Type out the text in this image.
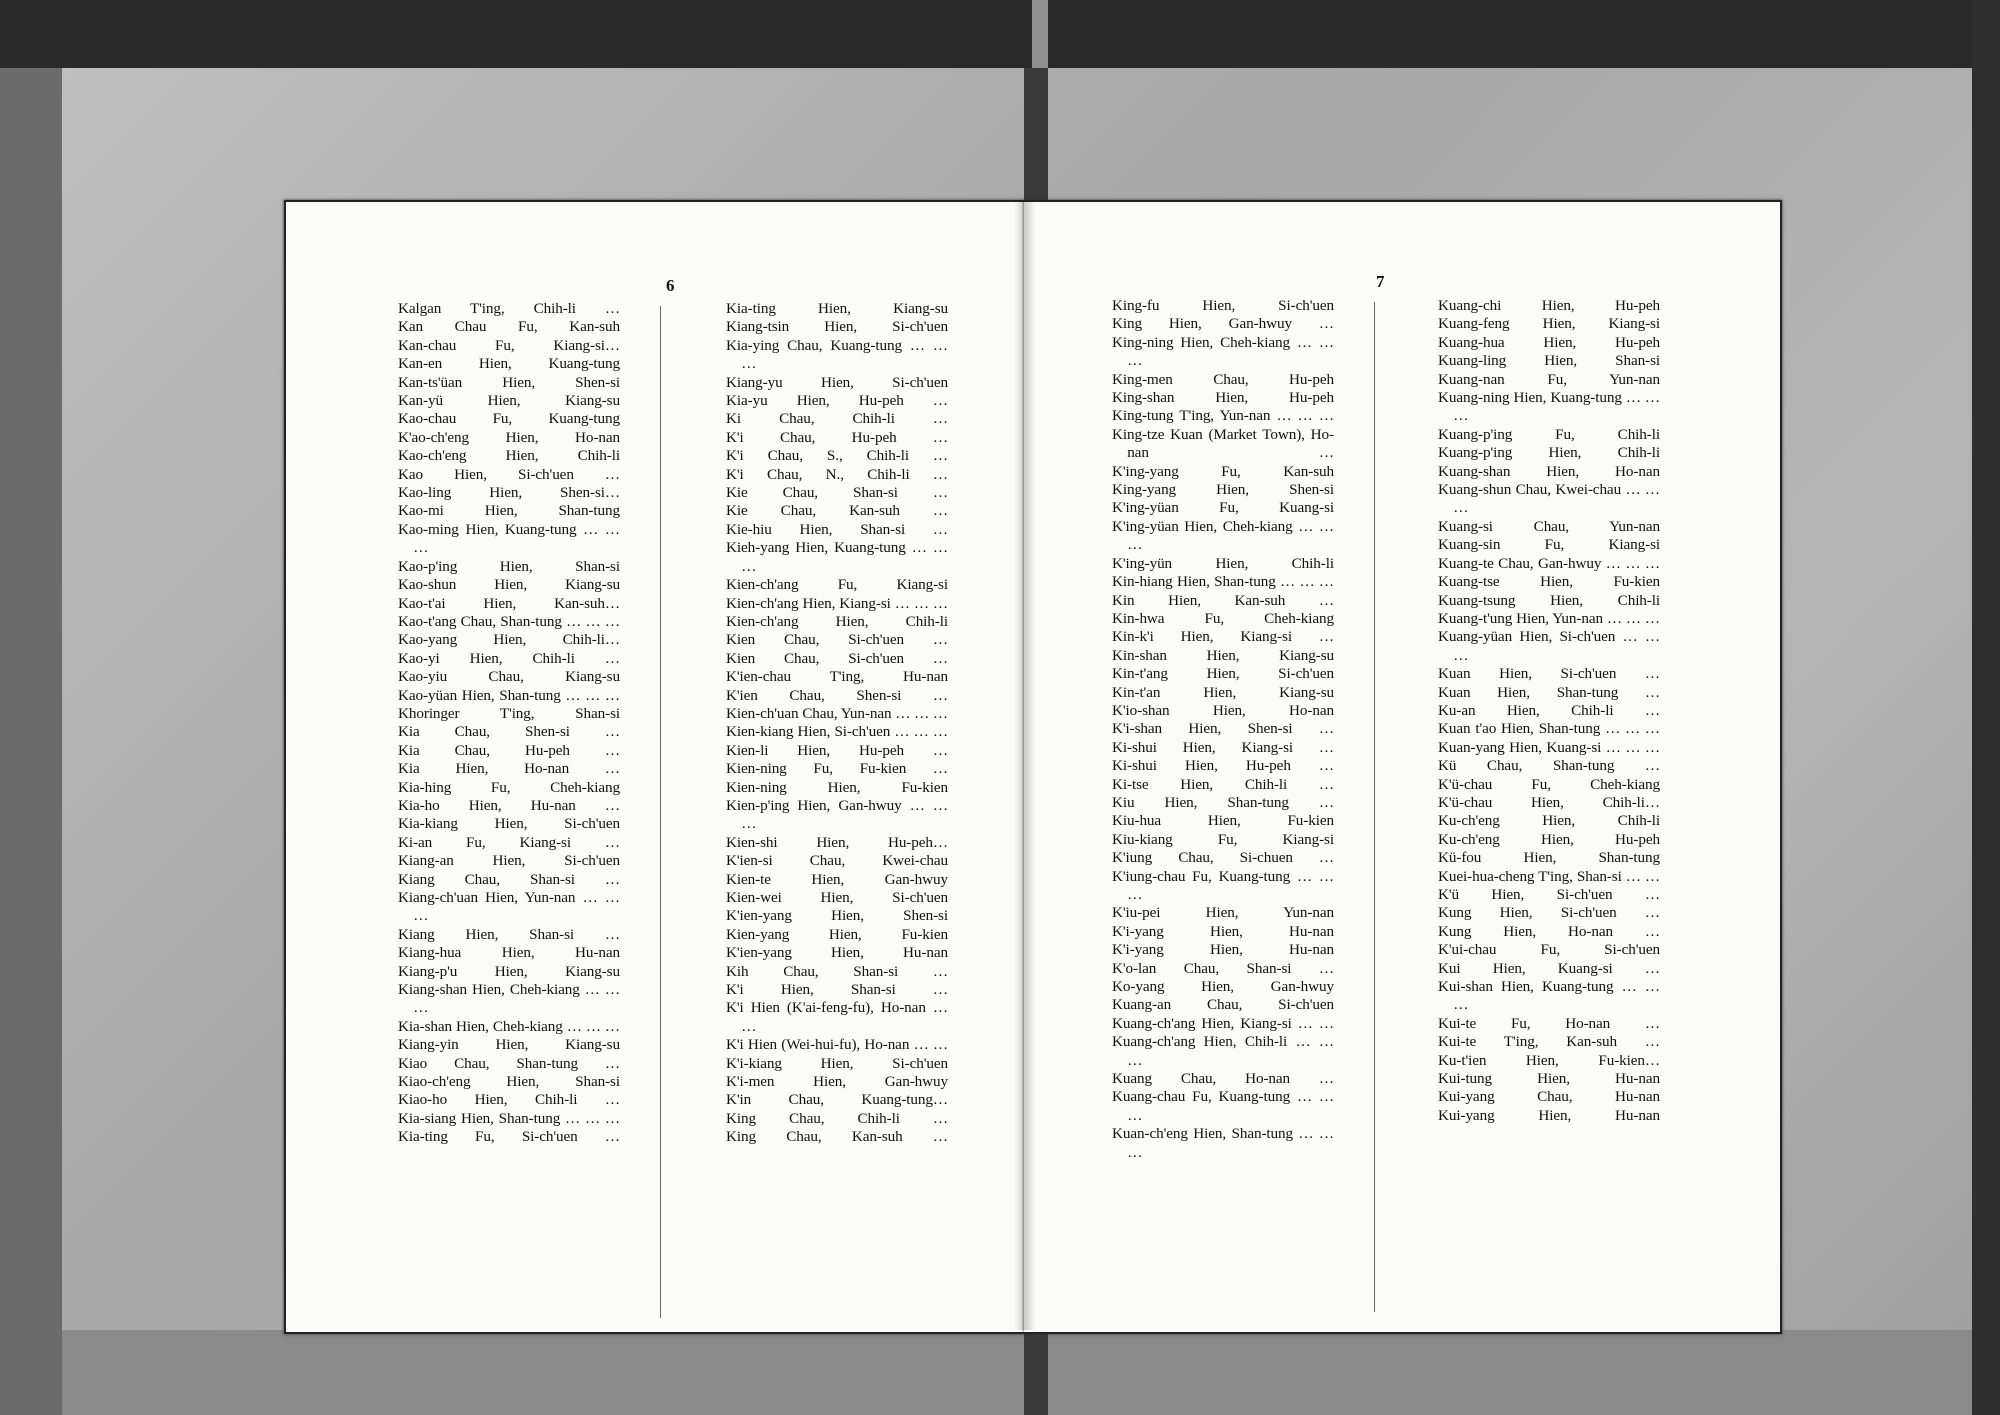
6
Kalgan T'ing, Chih-li …
Kan Chau Fu, Kan-suh
Kan-chau Fu, Kiang-si…
Kan-en Hien, Kuang-tung
Kan-ts'üan Hien, Shen-si
Kan-yü Hien, Kiang-su
Kao-chau Fu, Kuang-tung
K'ao-ch'eng Hien, Ho-nan
Kao-ch'eng Hien, Chih-li
Kao Hien, Si-ch'uen …
Kao-ling Hien, Shen-si…
Kao-mi Hien, Shan-tung
Kao-ming Hien, Kuang-tung … … …
Kao-p'ing Hien, Shan-si
Kao-shun Hien, Kiang-su
Kao-t'ai Hien, Kan-suh…
Kao-t'ang Chau, Shan-tung … … …
Kao-yang Hien, Chih-li…
Kao-yi Hien, Chih-li …
Kao-yiu Chau, Kiang-su
Kao-yüan Hien, Shan-tung … … …
Khoringer T'ing, Shan-si
Kia Chau, Shen-si …
Kia Chau, Hu-peh …
Kia Hien, Ho-nan …
Kia-hing Fu, Cheh-kiang
Kia-ho Hien, Hu-nan …
Kia-kiang Hien, Si-ch'uen
Ki-an Fu, Kiang-si …
Kiang-an Hien, Si-ch'uen
Kiang Chau, Shan-si …
Kiang-ch'uan Hien, Yun-nan … … …
Kiang Hien, Shan-si …
Kiang-hua Hien, Hu-nan
Kiang-p'u Hien, Kiang-su
Kiang-shan Hien, Cheh-kiang … … …
Kia-shan Hien, Cheh-kiang … … …
Kiang-yin Hien, Kiang-su
Kiao Chau, Shan-tung …
Kiao-ch'eng Hien, Shan-si
Kiao-ho Hien, Chih-li …
Kia-siang Hien, Shan-tung … … …
Kia-ting Fu, Si-ch'uen …
Kia-ting Hien, Kiang-su
Kiang-tsin Hien, Si-ch'uen
Kia-ying Chau, Kuang-tung … … …
Kiang-yu Hien, Si-ch'uen
Kia-yu Hien, Hu-peh …
Ki Chau, Chih-li …
K'i Chau, Hu-peh …
K'i Chau, S., Chih-li …
K'i Chau, N., Chih-li …
Kie Chau, Shan-si …
Kie Chau, Kan-suh …
Kie-hiu Hien, Shan-si …
Kieh-yang Hien, Kuang-tung … … …
Kien-ch'ang Fu, Kiang-si
Kien-ch'ang Hien, Kiang-si … … …
Kien-ch'ang Hien, Chih-li
Kien Chau, Si-ch'uen …
Kien Chau, Si-ch'uen …
K'ien-chau T'ing, Hu-nan
K'ien Chau, Shen-si …
Kien-ch'uan Chau, Yun-nan … … …
Kien-kiang Hien, Si-ch'uen … … …
Kien-li Hien, Hu-peh …
Kien-ning Fu, Fu-kien …
Kien-ning Hien, Fu-kien
Kien-p'ing Hien, Gan-hwuy … … …
Kien-shi Hien, Hu-peh…
K'ien-si Chau, Kwei-chau
Kien-te Hien, Gan-hwuy
Kien-wei Hien, Si-ch'uen
K'ien-yang Hien, Shen-si
Kien-yang Hien, Fu-kien
K'ien-yang Hien, Hu-nan
Kih Chau, Shan-si …
K'i Hien, Shan-si …
K'i Hien (K'ai-feng-fu), Ho-nan … …
K'i Hien (Wei-hui-fu), Ho-nan … …
K'i-kiang Hien, Si-ch'uen
K'i-men Hien, Gan-hwuy
K'in Chau, Kuang-tung…
King Chau, Chih-li …
King Chau, Kan-suh …
7
King-fu Hien, Si-ch'uen
King Hien, Gan-hwuy …
King-ning Hien, Cheh-kiang … … …
King-men Chau, Hu-peh
King-shan Hien, Hu-peh
King-tung T'ing, Yun-nan … … …
King-tze Kuan (Market Town), Ho-nan …
K'ing-yang Fu, Kan-suh
King-yang Hien, Shen-si
K'ing-yüan Fu, Kuang-si
K'ing-yüan Hien, Cheh-kiang … … …
K'ing-yün Hien, Chih-li
Kin-hiang Hien, Shan-tung … … …
Kin Hien, Kan-suh …
Kin-hwa Fu, Cheh-kiang
Kin-k'i Hien, Kiang-si …
Kin-shan Hien, Kiang-su
Kin-t'ang Hien, Si-ch'uen
Kin-t'an Hien, Kiang-su
K'io-shan Hien, Ho-nan
K'i-shan Hien, Shen-si …
Ki-shui Hien, Kiang-si …
Ki-shui Hien, Hu-peh …
Ki-tse Hien, Chih-li …
Kiu Hien, Shan-tung …
Kiu-hua Hien, Fu-kien
Kiu-kiang Fu, Kiang-si
K'iung Chau, Si-chuen …
K'iung-chau Fu, Kuang-tung … … …
K'iu-pei Hien, Yun-nan
K'i-yang Hien, Hu-nan
K'i-yang Hien, Hu-nan
K'o-lan Chau, Shan-si …
Ko-yang Hien, Gan-hwuy
Kuang-an Chau, Si-ch'uen
Kuang-ch'ang Hien, Kiang-si … …
Kuang-ch'ang Hien, Chih-li … … …
Kuang Chau, Ho-nan …
Kuang-chau Fu, Kuang-tung … … …
Kuan-ch'eng Hien, Shan-tung … … …
Kuang-chi Hien, Hu-peh
Kuang-feng Hien, Kiang-si
Kuang-hua Hien, Hu-peh
Kuang-ling Hien, Shan-si
Kuang-nan Fu, Yun-nan
Kuang-ning Hien, Kuang-tung … … …
Kuang-p'ing Fu, Chih-li
Kuang-p'ing Hien, Chih-li
Kuang-shan Hien, Ho-nan
Kuang-shun Chau, Kwei-chau … … …
Kuang-si Chau, Yun-nan
Kuang-sin Fu, Kiang-si
Kuang-te Chau, Gan-hwuy … … …
Kuang-tse Hien, Fu-kien
Kuang-tsung Hien, Chih-li
Kuang-t'ung Hien, Yun-nan … … …
Kuang-yüan Hien, Si-ch'uen … … …
Kuan Hien, Si-ch'uen …
Kuan Hien, Shan-tung …
Ku-an Hien, Chih-li …
Kuan t'ao Hien, Shan-tung … … …
Kuan-yang Hien, Kuang-si … … …
Kü Chau, Shan-tung …
K'ü-chau Fu, Cheh-kiang
K'ü-chau Hien, Chih-li…
Ku-ch'eng Hien, Chih-li
Ku-ch'eng Hien, Hu-peh
Kü-fou Hien, Shan-tung
Kuei-hua-cheng T'ing, Shan-si … …
K'ü Hien, Si-ch'uen …
Kung Hien, Si-ch'uen …
Kung Hien, Ho-nan …
K'ui-chau Fu, Si-ch'uen
Kui Hien, Kuang-si …
Kui-shan Hien, Kuang-tung … … …
Kui-te Fu, Ho-nan …
Kui-te T'ing, Kan-suh …
Ku-t'ien Hien, Fu-kien…
Kui-tung Hien, Hu-nan
Kui-yang Chau, Hu-nan
Kui-yang Hien, Hu-nan
